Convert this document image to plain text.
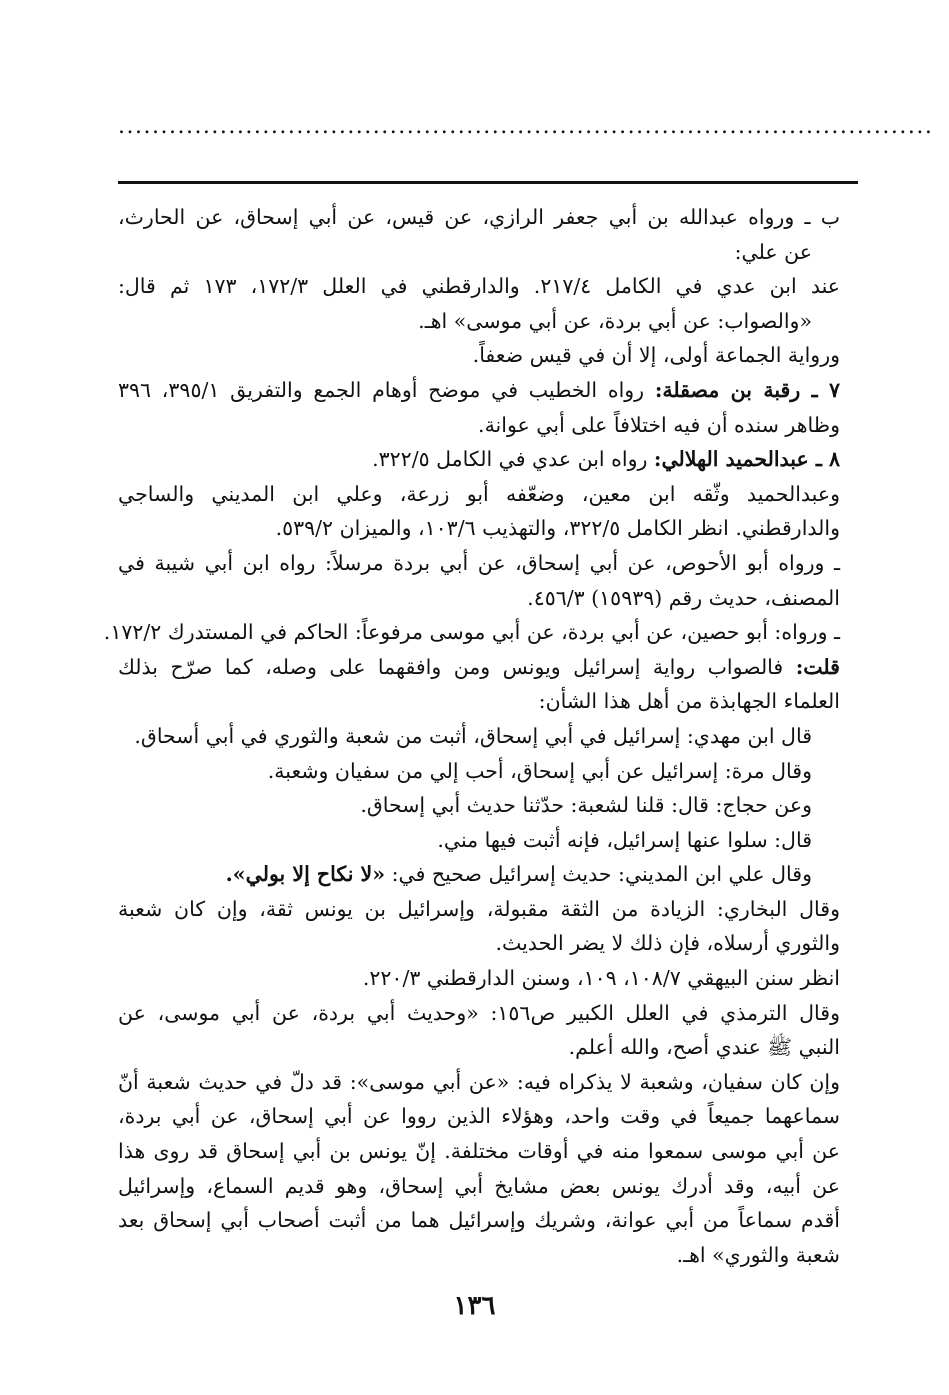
................................................................................................
ب ـ ورواه عبدالله بن أبي جعفر الرازي، عن قيس، عن أبي إسحاق، عن الحارث،
عن علي:
عند ابن عدي في الكامل ٢١٧/٤. والدارقطني في العلل ١٧٢/٣، ١٧٣ ثم قال:
«والصواب: عن أبي بردة، عن أبي موسى» اهـ.
ورواية الجماعة أولى، إلا أن في قيس ضعفاً.
٧ ـ رقبة بن مصقلة: رواه الخطيب في موضح أوهام الجمع والتفريق ٣٩٥/١، ٣٩٦
وظاهر سنده أن فيه اختلافاً على أبي عوانة.
٨ ـ عبدالحميد الهلالي: رواه ابن عدي في الكامل ٣٢٢/٥.
وعبدالحميد وثّقه ابن معين، وضعّفه أبو زرعة، وعلي ابن المديني والساجي
والدارقطني. انظر الكامل ٣٢٢/٥، والتهذيب ١٠٣/٦، والميزان ٥٣٩/٢.
ـ ورواه أبو الأحوص، عن أبي إسحاق، عن أبي بردة مرسلاً: رواه ابن أبي شيبة في
المصنف، حديث رقم (١٥٩٣٩) ٤٥٦/٣.
ـ ورواه: أبو حصين، عن أبي بردة، عن أبي موسى مرفوعاً: الحاكم في المستدرك ١٧٢/٢.
قلت: فالصواب رواية إسرائيل ويونس ومن وافقهما على وصله، كما صرّح بذلك
العلماء الجهابذة من أهل هذا الشأن:
قال ابن مهدي: إسرائيل في أبي إسحاق، أثبت من شعبة والثوري في أبي أسحاق.
وقال مرة: إسرائيل عن أبي إسحاق، أحب إلي من سفيان وشعبة.
وعن حجاج: قال: قلنا لشعبة: حدّثنا حديث أبي إسحاق.
قال: سلوا عنها إسرائيل، فإنه أثبت فيها مني.
وقال علي ابن المديني: حديث إسرائيل صحيح في: «لا نكاح إلا بولي».
وقال البخاري: الزيادة من الثقة مقبولة، وإسرائيل بن يونس ثقة، وإن كان شعبة
والثوري أرسلاه، فإن ذلك لا يضر الحديث.
انظر سنن البيهقي ١٠٨/٧، ١٠٩، وسنن الدارقطني ٢٢٠/٣.
وقال الترمذي في العلل الكبير ص١٥٦: «وحديث أبي بردة، عن أبي موسى، عن
النبي ﷺ عندي أصح، والله أعلم.
وإن كان سفيان، وشعبة لا يذكراه فيه: «عن أبي موسى»: قد دلّ في حديث شعبة أنّ
سماعهما جميعاً في وقت واحد، وهؤلاء الذين رووا عن أبي إسحاق، عن أبي بردة،
عن أبي موسى سمعوا منه في أوقات مختلفة. إنّ يونس بن أبي إسحاق قد روى هذا
عن أبيه، وقد أدرك يونس بعض مشايخ أبي إسحاق، وهو قديم السماع، وإسرائيل
أقدم سماعاً من أبي عوانة، وشريك وإسرائيل هما من أثبت أصحاب أبي إسحاق بعد
شعبة والثوري» اهـ.
١٣٦
